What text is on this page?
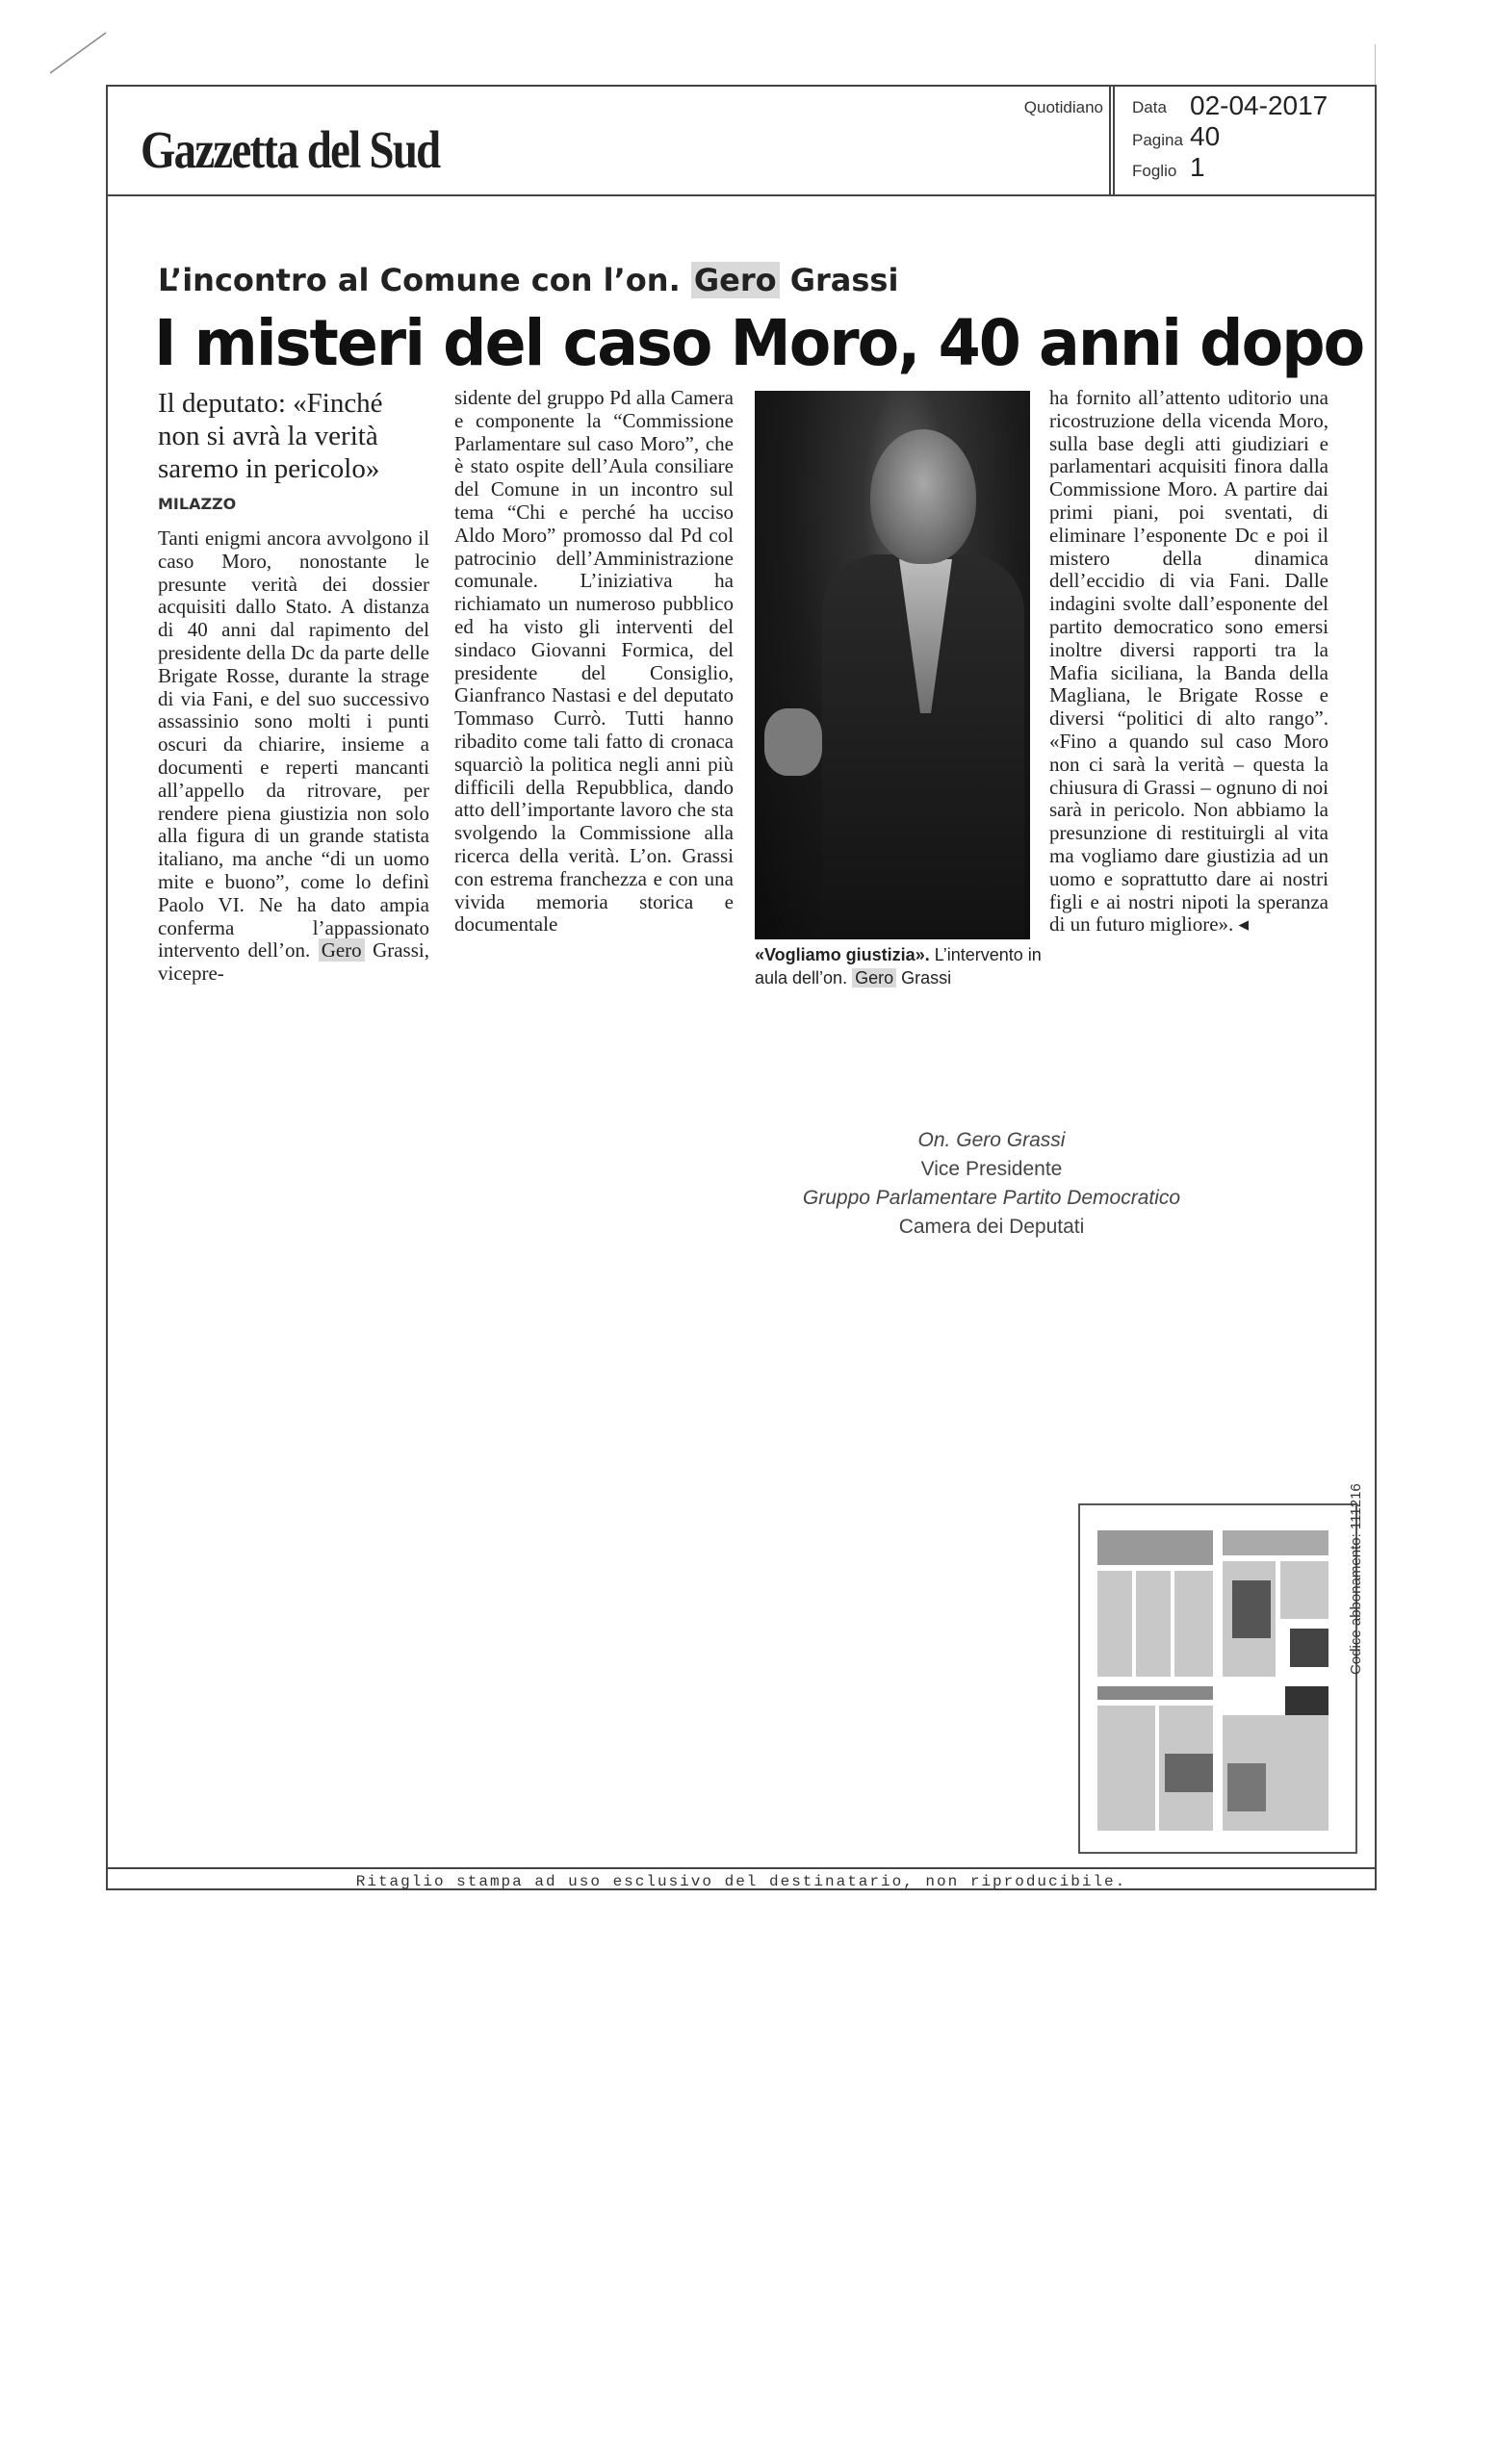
Gazzetta del Sud
Quotidiano Data 02-04-2017
Pagina 40
Foglio 1
L’incontro al Comune con l’on. Gero Grassi
I misteri del caso Moro, 40 anni dopo
Il deputato: «Finché non si avrà la verità saremo in pericolo»
MILAZZO
Tanti enigmi ancora avvolgono il caso Moro, nonostante le presunte verità dei dossier acquisiti dallo Stato. A distanza di 40 anni dal rapimento del presidente della Dc da parte delle Brigate Rosse, durante la strage di via Fani, e del suo successivo assassinio sono molti i punti oscuri da chiarire, insieme a documenti e reperti mancanti all’appello da ritrovare, per rendere piena giustizia non solo alla figura di un grande statista italiano, ma anche “di un uomo mite e buono”, come lo definì Paolo VI. Ne ha dato ampia conferma l’appassionato intervento dell’on. Gero Grassi, vicepre-
sidente del gruppo Pd alla Camera e componente la “Commissione Parlamentare sul caso Moro”, che è stato ospite dell’Aula consiliare del Comune in un incontro sul tema “Chi e perché ha ucciso Aldo Moro” promosso dal Pd col patrocinio dell’Amministrazione comunale. L’iniziativa ha richiamato un numeroso pubblico ed ha visto gli interventi del sindaco Giovanni Formica, del presidente del Consiglio, Gianfranco Nastasi e del deputato Tommaso Currò. Tutti hanno ribadito come tali fatto di cronaca squarciò la politica negli anni più difficili della Repubblica, dando atto dell’importante lavoro che sta svolgendo la Commissione alla ricerca della verità. L’on. Grassi con estrema franchezza e con una vivida memoria storica e documentale
«Vogliamo giustizia». L’intervento in aula dell’on. Gero Grassi
ha fornito all’attento uditorio una ricostruzione della vicenda Moro, sulla base degli atti giudiziari e parlamentari acquisiti finora dalla Commissione Moro. A partire dai primi piani, poi sventati, di eliminare l’esponente Dc e poi il mistero della dinamica dell’eccidio di via Fani. Dalle indagini svolte dall’esponente del partito democratico sono emersi inoltre diversi rapporti tra la Mafia siciliana, la Banda della Magliana, le Brigate Rosse e diversi “politici di alto rango”. «Fino a quando sul caso Moro non ci sarà la verità – questa la chiusura di Grassi – ognuno di noi sarà in pericolo. Non abbiamo la presunzione di restituirgli al vita ma vogliamo dare giustizia ad un uomo e soprattutto dare ai nostri figli e ai nostri nipoti la speranza di un futuro migliore». ◂
On. Gero Grassi
Vice Presidente
Gruppo Parlamentare Partito Democratico
Camera dei Deputati
Ritaglio stampa ad uso esclusivo del destinatario, non riproducibile.
Codice abbonamento: 111216
